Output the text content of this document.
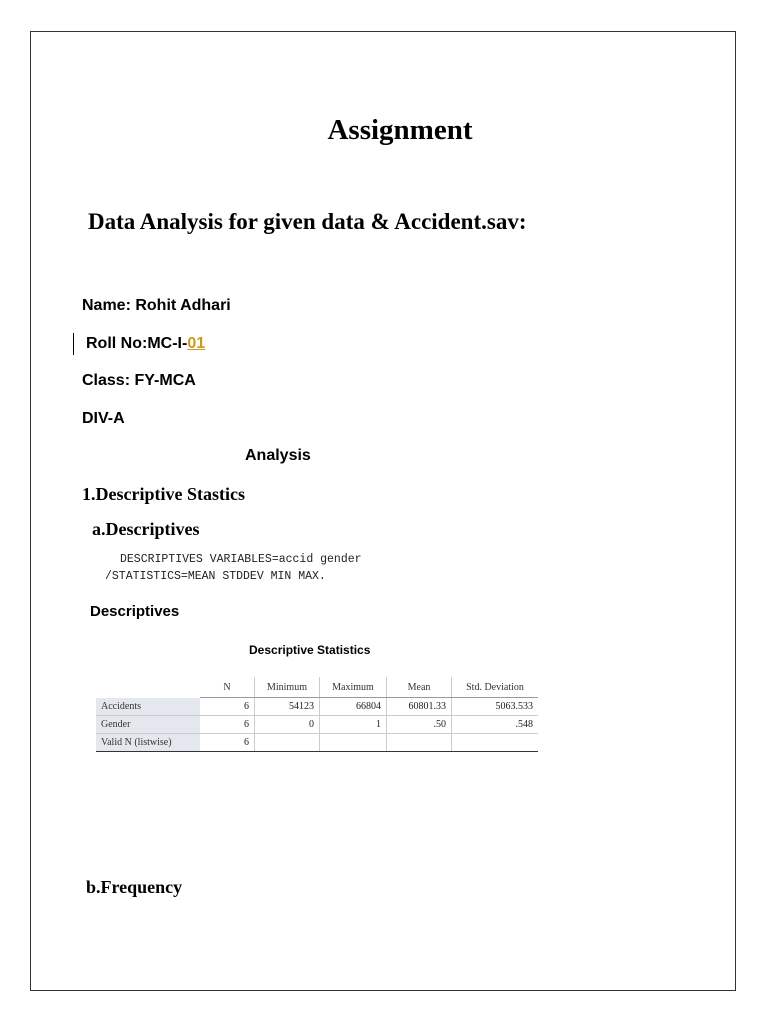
Assignment
Data Analysis for given data & Accident.sav:
Name: Rohit Adhari
Roll No:MC-I-01
Class: FY-MCA
DIV-A
Analysis
1.Descriptive Stastics
a.Descriptives
DESCRIPTIVES VARIABLES=accid gender
/STATISTICS=MEAN STDDEV MIN MAX.
Descriptives
Descriptive Statistics
	N	Minimum	Maximum	Mean	Std. Deviation
Accidents	6	54123	66804	60801.33	5063.533
Gender	6	0	1	.50	.548
Valid N (listwise)	6				
b.Frequency
